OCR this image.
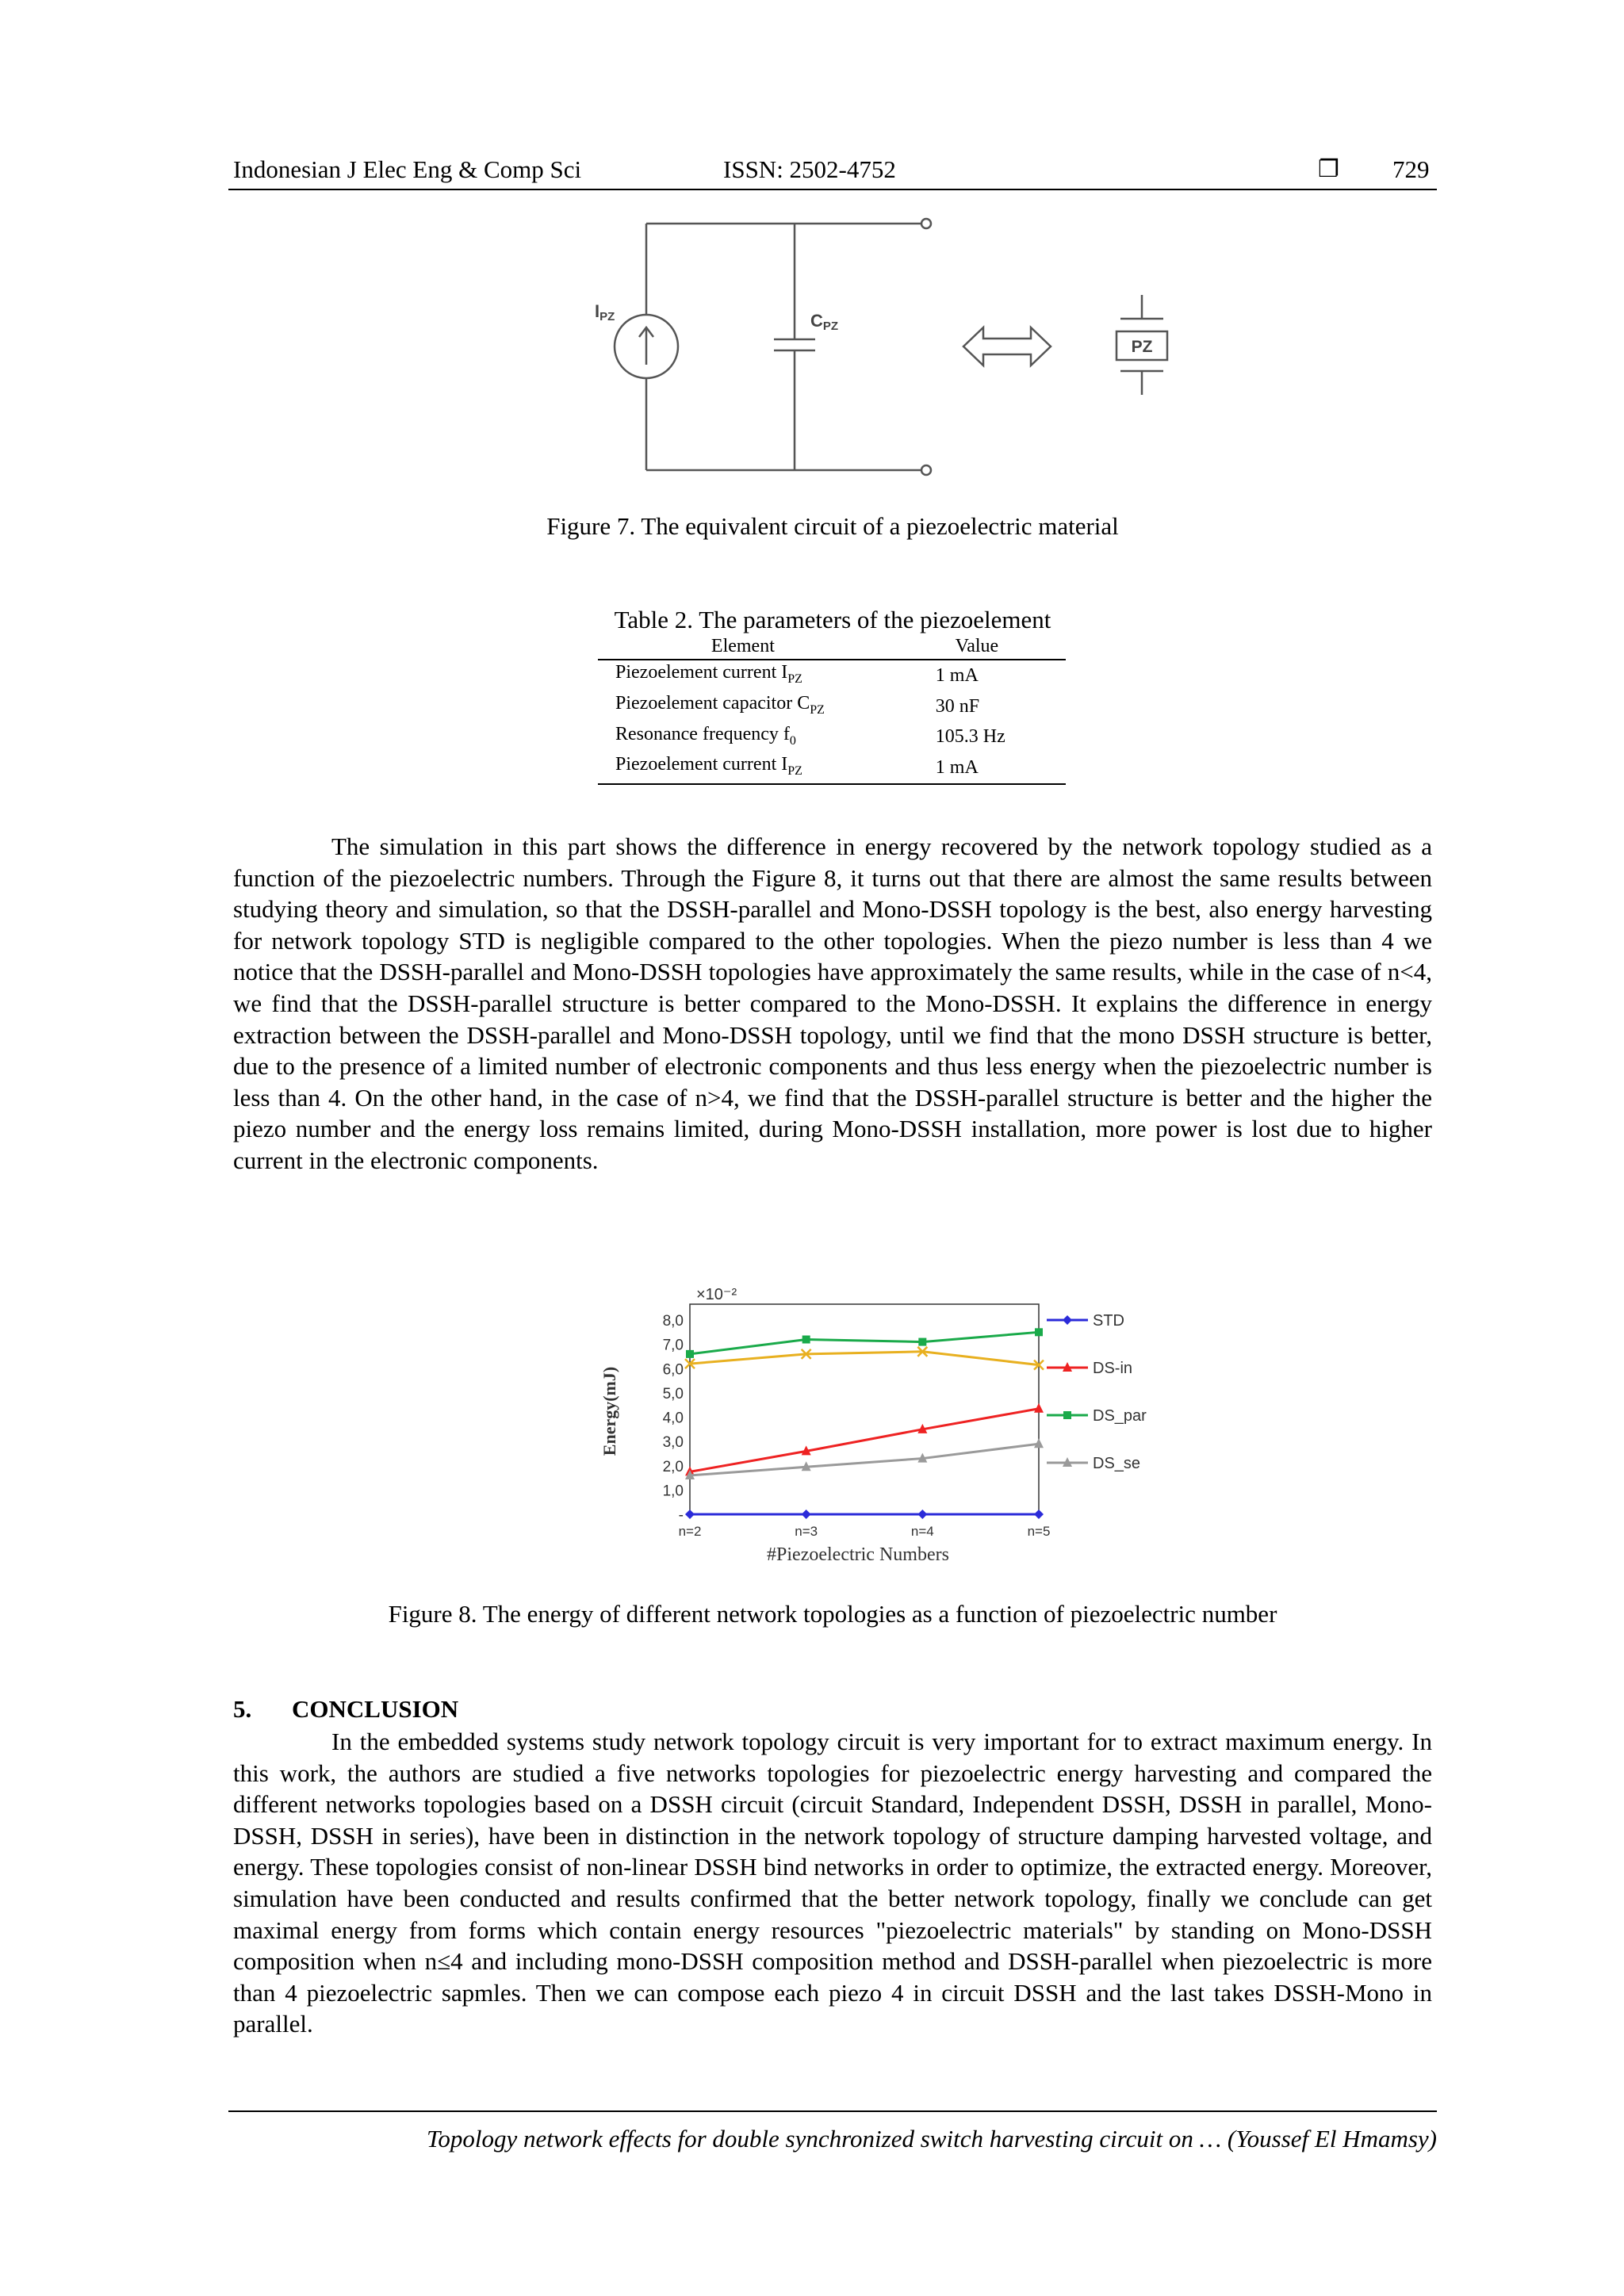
Indonesian J Elec Eng & Comp Sci	ISSN: 2502-4752	❐ 729
IPZ	CPZ
PZ
Figure 7. The equivalent circuit of a piezoelectric material
Table 2. The parameters of the piezoelement
Element	Value
Piezoelement current $I_{PZ}$	1 mA
Piezoelement capacitor $C_{PZ}$	30 nF
Resonance frequency $f_0$	105.3 Hz
Piezoelement current $I_{PZ}$	1 mA

The simulation in this part shows the difference in energy recovered by the network topology studied as a function of the piezoelectric numbers. Through the Figure 8, it turns out that there are almost the same results between studying theory and simulation, so that the DSSH-parallel and Mono-DSSH topology is the best, also energy harvesting for network topology STD is negligible compared to the other topologies. When the piezo number is less than 4 we notice that the DSSH-parallel and Mono-DSSH topologies have approximately the same results, while in the case of n<4, we find that the DSSH-parallel structure is better compared to the Mono-DSSH. It explains the difference in energy extraction between the DSSH-parallel and Mono-DSSH topology, until we find that the mono DSSH structure is better, due to the presence of a limited number of electronic components and thus less energy when the piezoelectric number is less than 4. On the other hand, in the case of n>4, we find that the DSSH-parallel structure is better and the higher the piezo number and the energy loss remains limited, during Mono-DSSH installation, more power is lost due to higher current in the electronic components.

×10⁻²
Energy(mJ)
#Piezoelectric Numbers
-
1,0
2,0
3,0
4,0
5,0
6,0
7,0
8,0
n=2	n=3	n=4	n=5
STD
DS-in
DS_par
DS_se
Figure 8. The energy of different network topologies as a function of piezoelectric number
5. CONCLUSION

In the embedded systems study network topology circuit is very important for to extract maximum energy. In this work, the authors are studied a five networks topologies for piezoelectric energy harvesting and compared the different networks topologies based on a DSSH circuit (circuit Standard, Independent DSSH, DSSH in parallel, Mono-DSSH, DSSH in series), have been in distinction in the network topology of structure damping harvested voltage, and energy. These topologies consist of non-linear DSSH bind networks in order to optimize, the extracted energy. Moreover, simulation have been conducted and results confirmed that the better network topology, finally we conclude can get maximal energy from forms which contain energy resources "piezoelectric materials" by standing on Mono-DSSH composition when n≤4 and including mono-DSSH composition method and DSSH-parallel when piezoelectric is more than 4 piezoelectric sapmles. Then we can compose each piezo 4 in circuit DSSH and the last takes DSSH-Mono in parallel.

Topology network effects for double synchronized switch harvesting circuit on … (Youssef El Hmamsy)
